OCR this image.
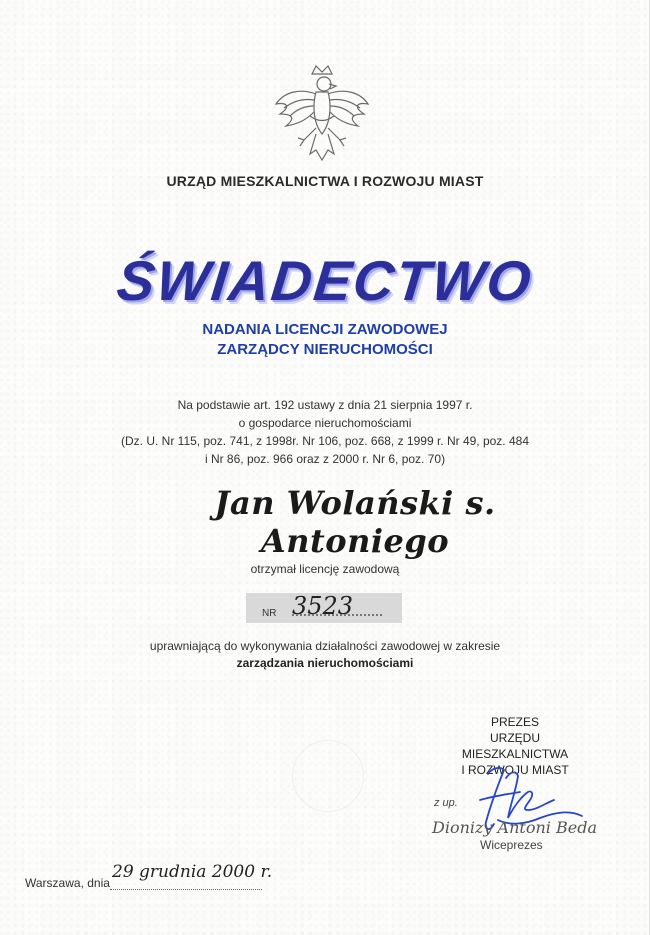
URZĄD MIESZKALNICTWA I ROZWOJU MIAST
ŚWIADECTWO
NADANIA LICENCJI ZAWODOWEJ
ZARZĄDCY NIERUCHOMOŚCI
Na podstawie art. 192 ustawy z dnia 21 sierpnia 1997 r.
o gospodarce nieruchomościami
(Dz. U. Nr 115, poz. 741, z 1998r. Nr 106, poz. 668, z 1999 r. Nr 49, poz. 484
i Nr 86, poz. 966 oraz z 2000 r. Nr 6, poz. 70)
Jan Wolański s. Antoniego
otrzymał licencję zawodową
NR 3523
uprawniającą do wykonywania działalności zawodowej w zakresie
zarządzania nieruchomościami
PREZES
URZĘDU MIESZKALNICTWA
I ROZWOJU MIAST
z up.
Dionizy Antoni Beda
Wiceprezes
Warszawa, dnia
29 grudnia 2000 r.
